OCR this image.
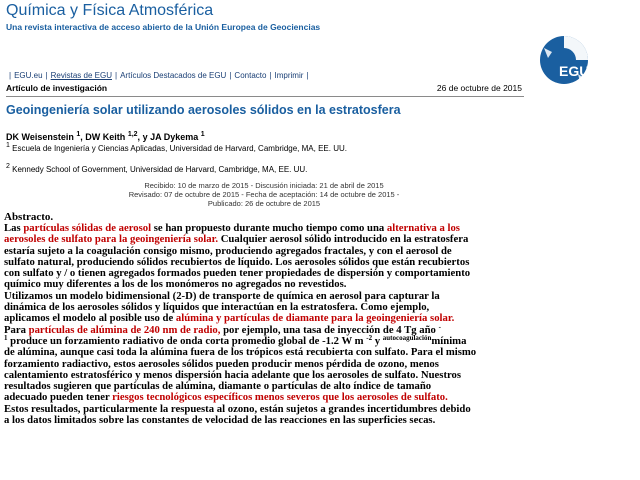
Química y Física Atmosférica
Una revista interactiva de acceso abierto de la Unión Europea de Geociencias
EGU
| EGU.eu | Revistas de EGU | Artículos Destacados de EGU | Contacto | Imprimir |
Artículo de investigación	26 de octubre de 2015
Geoingeniería solar utilizando aerosoles sólidos en la estratosfera
DK Weisenstein $^1$, DW Keith $^{1,2}$, y JA Dykema $^1$
$^1$ Escuela de Ingeniería y Ciencias Aplicadas, Universidad de Harvard, Cambridge, MA, EE. UU.
$^2$ Kennedy School of Government, Universidad de Harvard, Cambridge, MA, EE. UU.
Recibido: 10 de marzo de 2015 - Discusión iniciada: 21 de abril de 2015
Revisado: 07 de octubre de 2015 - Fecha de aceptación: 14 de octubre de 2015 -
Publicado: 26 de octubre de 2015
Abstracto.
Las partículas sólidas de aerosol se han propuesto durante mucho tiempo como una alternativa a los
aerosoles de sulfato para la geoingeniería solar. Cualquier aerosol sólido introducido en la estratosfera
estaría sujeto a la coagulación consigo mismo, produciendo agregados fractales, y con el aerosol de
sulfato natural, produciendo sólidos recubiertos de líquido. Los aerosoles sólidos que están recubiertos
con sulfato y / o tienen agregados formados pueden tener propiedades de dispersión y comportamiento
químico muy diferentes a los de los monómeros no agregados no revestidos.
Utilizamos un modelo bidimensional (2-D) de transporte de química en aerosol para capturar la
dinámica de los aerosoles sólidos y líquidos que interactúan en la estratosfera. Como ejemplo,
aplicamos el modelo al posible uso de alúmina y partículas de diamante para la geoingeniería solar.
Para partículas de alúmina de 240 nm de radio, por ejemplo, una tasa de inyección de 4 Tg año -
$^1$ produce un forzamiento radiativo de onda corta promedio global de -1.2 W m $^{-2}$ y $^{autocoagulación}$mínima
de alúmina, aunque casi toda la alúmina fuera de los trópicos está recubierta con sulfato. Para el mismo
forzamiento radiactivo, estos aerosoles sólidos pueden producir menos pérdida de ozono, menos
calentamiento estratosférico y menos dispersión hacia adelante que los aerosoles de sulfato. Nuestros
resultados sugieren que partículas de alúmina, diamante o partículas de alto índice de tamaño
adecuado pueden tener riesgos tecnológicos específicos menos severos que los aerosoles de sulfato.
Estos resultados, particularmente la respuesta al ozono, están sujetos a grandes incertidumbres debido
a los datos limitados sobre las constantes de velocidad de las reacciones en las superficies secas.
